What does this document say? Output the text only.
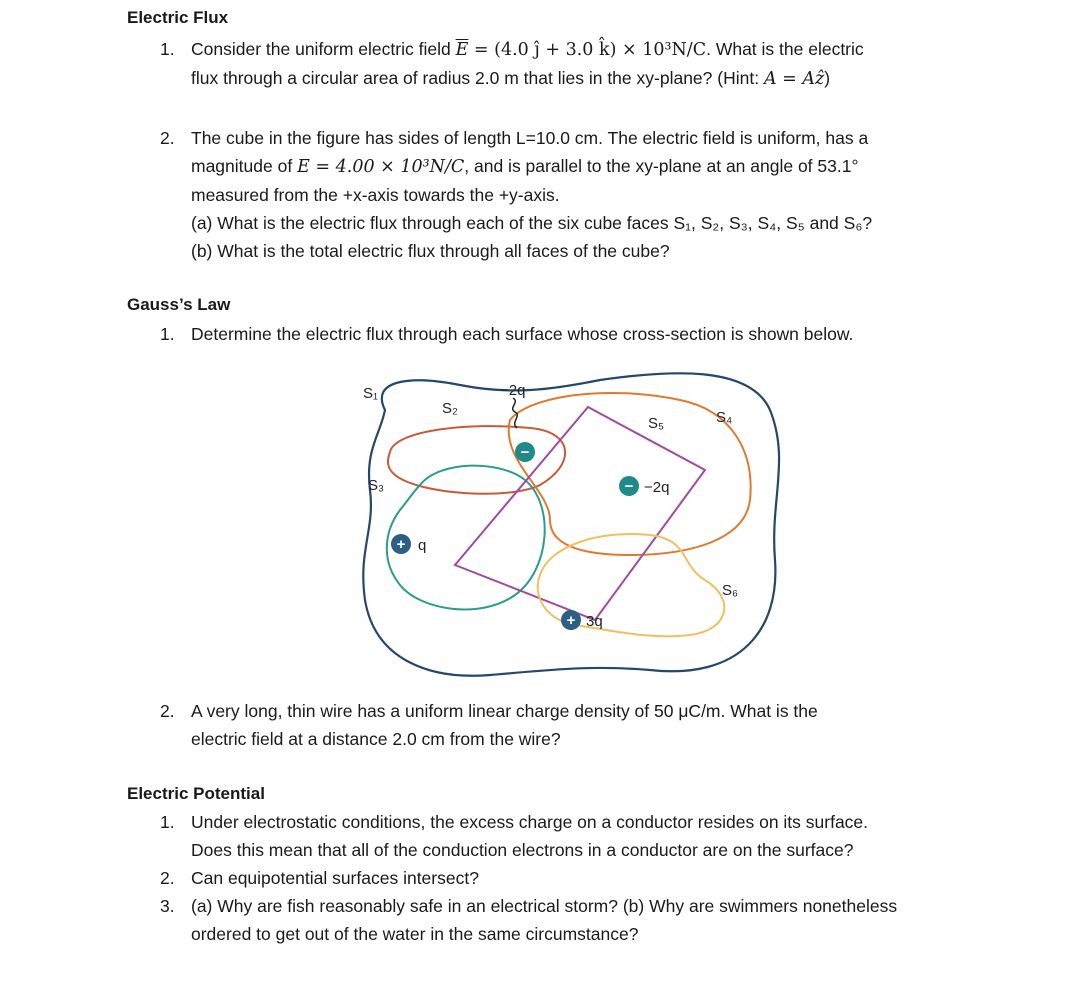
Electric Flux
1. Consider the uniform electric field $\overline{E} = (4.0$ ĵ + 3.0 k̂) × 10³N/C. What is the electric
flux through a circular area of radius 2.0 m that lies in the xy-plane? (Hint: A = Aẑ)
2. The cube in the figure has sides of length L=10.0 cm. The electric field is uniform, has a
magnitude of E = 4.00 × 10³N/C, and is parallel to the xy-plane at an angle of 53.1°
measured from the +x-axis towards the +y-axis.
(a) What is the electric flux through each of the six cube faces S₁, S₂, S₃, S₄, S₅ and S₆?
(b) What is the total electric flux through all faces of the cube?
Gauss’s Law
1. Determine the electric flux through each surface whose cross-section is shown below.
−
−
+
+
S₁
S₂
S₃
S₄
S₅
S₆
−2q
−2q
q
3q
2. A very long, thin wire has a uniform linear charge density of 50 μC/m. What is the
electric field at a distance 2.0 cm from the wire?
Electric Potential
1. Under electrostatic conditions, the excess charge on a conductor resides on its surface.
Does this mean that all of the conduction electrons in a conductor are on the surface?
2. Can equipotential surfaces intersect?
3. (a) Why are fish reasonably safe in an electrical storm? (b) Why are swimmers nonetheless
ordered to get out of the water in the same circumstance?
